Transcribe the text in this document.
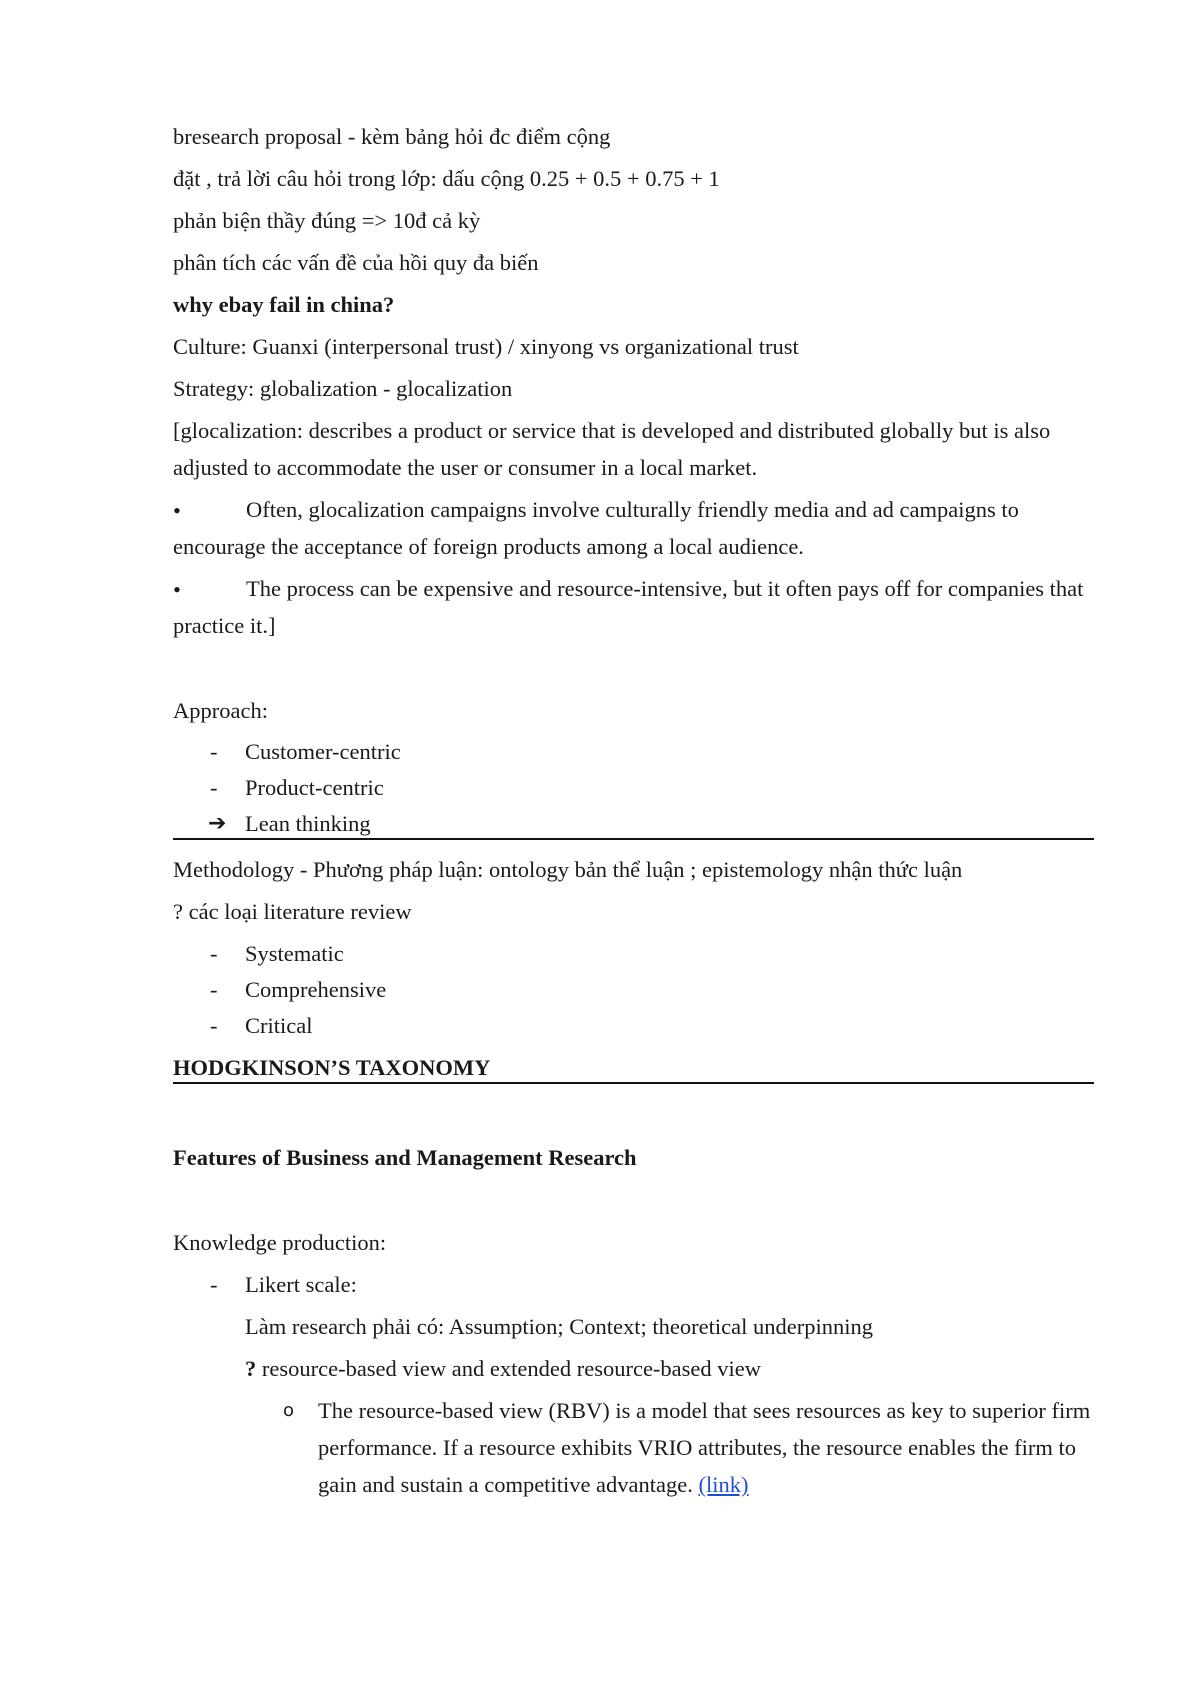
bresearch proposal - kèm bảng hỏi đc điểm cộng
đặt , trả lời câu hỏi trong lớp: dấu cộng 0.25 + 0.5 + 0.75 + 1
phản biện thầy đúng => 10đ cả kỳ
phân tích các vấn đề của hồi quy đa biến
why ebay fail in china?
Culture: Guanxi (interpersonal trust) / xinyong vs organizational trust
Strategy: globalization - glocalization
[glocalization: describes a product or service that is developed and distributed globally but is also adjusted to accommodate the user or consumer in a local market.
•	Often, glocalization campaigns involve culturally friendly media and ad campaigns to encourage the acceptance of foreign products among a local audience.
•	The process can be expensive and resource-intensive, but it often pays off for companies that practice it.]
Approach:
- Customer-centric
- Product-centric
➔ Lean thinking
Methodology - Phương pháp luận: ontology bản thể luận ; epistemology nhận thức luận
? các loại literature review
- Systematic
- Comprehensive
- Critical
HODGKINSON’S TAXONOMY
Features of Business and Management Research
Knowledge production:
- Likert scale:
Làm research phải có: Assumption; Context; theoretical underpinning
? resource-based view and extended resource-based view
o The resource-based view (RBV) is a model that sees resources as key to superior firm performance. If a resource exhibits VRIO attributes, the resource enables the firm to gain and sustain a competitive advantage. (link)
